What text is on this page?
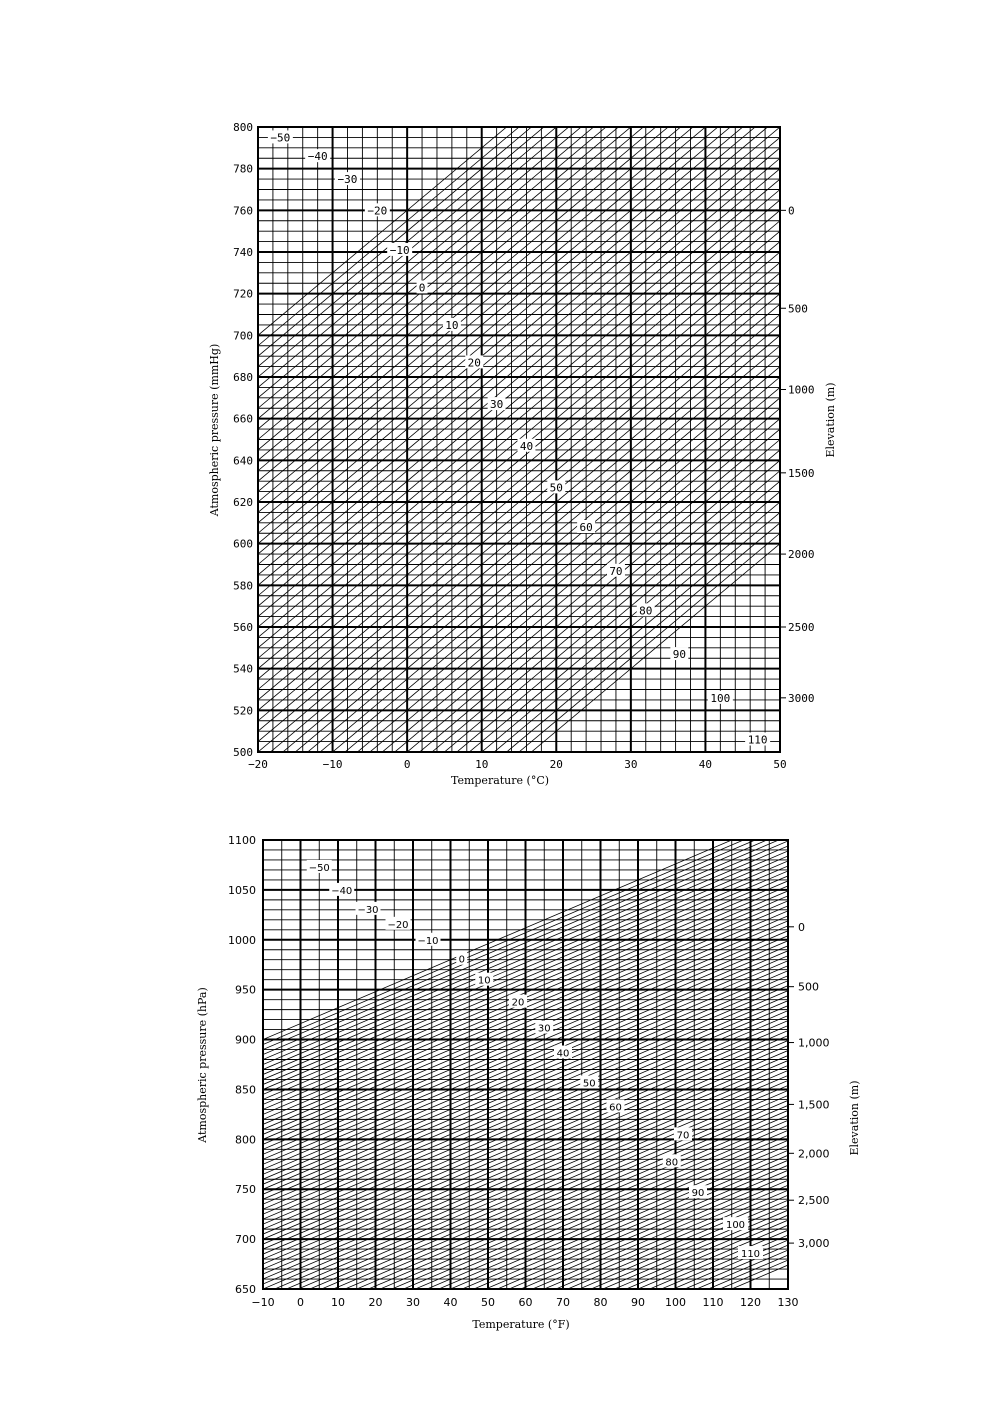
−20	−10	0	10	20	30	40	50
500
520
540
560
580
600
620
640
660
680
700
720
740
760
780
800
0
500
1000
1500
2000
2500
3000
−50
−40
−30
−20
−10
0
10
20
30
40
50
60
70
80
90
100
110
Temperature (°C)
Atmospheric pressure (mmHg)	Elevation (m)
−10 0 10 20 30 40 50 60 70 80 90 100 110 120 130
650
700
750
800
850
900
950
1000
1050
1100
0
500
1,000
1,500
2,000
2,500
3,000
−50
−40
−30
−20
−10
0
10
20
30
40
50
60
70
80
90
100
110
Temperature (°F)
Atmospheric pressure (hPa)	Elevation (m)
